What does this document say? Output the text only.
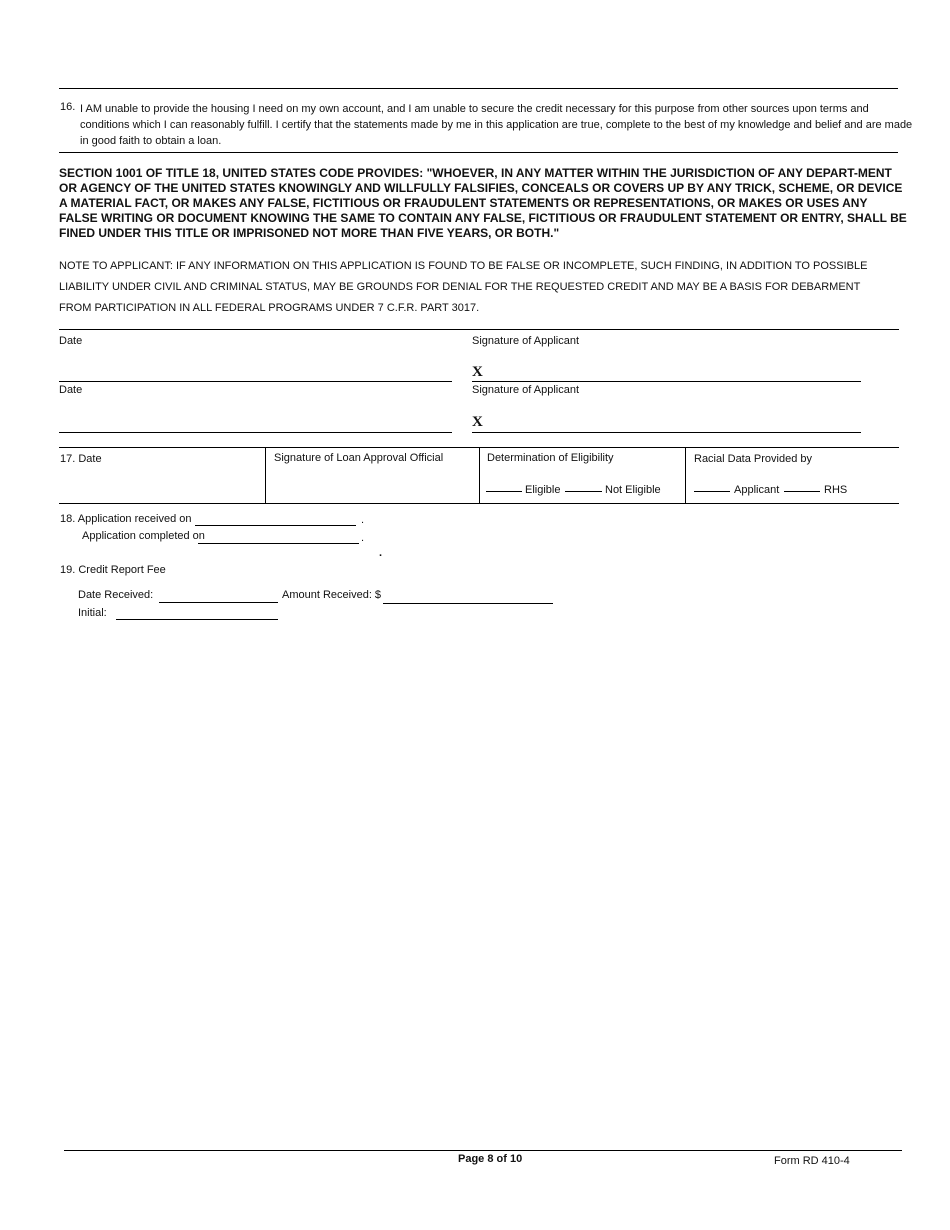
16. I AM unable to provide the housing I need on my own account, and I am unable to secure the credit necessary for this purpose from other sources upon terms and conditions which I can reasonably fulfill. I certify that the statements made by me in this application are true, complete to the best of my knowledge and belief and are made in good faith to obtain a loan.
SECTION 1001 OF TITLE 18, UNITED STATES CODE PROVIDES: "WHOEVER, IN ANY MATTER WITHIN THE JURISDICTION OF ANY DEPART-MENT OR AGENCY OF THE UNITED STATES KNOWINGLY AND WILLFULLY FALSIFIES, CONCEALS OR COVERS UP BY ANY TRICK, SCHEME, OR DEVICE A MATERIAL FACT, OR MAKES ANY FALSE, FICTITIOUS OR FRAUDULENT STATEMENTS OR REPRESENTATIONS, OR MAKES OR USES ANY FALSE WRITING OR DOCUMENT KNOWING THE SAME TO CONTAIN ANY FALSE, FICTITIOUS OR FRAUDULENT STATEMENT OR ENTRY, SHALL BE FINED UNDER THIS TITLE OR IMPRISONED NOT MORE THAN FIVE YEARS, OR BOTH."
NOTE TO APPLICANT: IF ANY INFORMATION ON THIS APPLICATION IS FOUND TO BE FALSE OR INCOMPLETE, SUCH FINDING, IN ADDITION TO POSSIBLE LIABILITY UNDER CIVIL AND CRIMINAL STATUS, MAY BE GROUNDS FOR DENIAL FOR THE REQUESTED CREDIT AND MAY BE A BASIS FOR DEBARMENT FROM PARTICIPATION IN ALL FEDERAL PROGRAMS UNDER 7 C.F.R. PART 3017.
Date	Signature of Applicant
X
Date	Signature of Applicant
X
17. Date	Signature of Loan Approval Official	Determination of Eligibility	Racial Data Provided by
Eligible	Not Eligible	Applicant	RHS
18. Application received on	.
Application completed on	.
.
19. Credit Report Fee
Date Received:	Amount Received: $
Initial:
Page 8 of 10	Form RD 410-4
